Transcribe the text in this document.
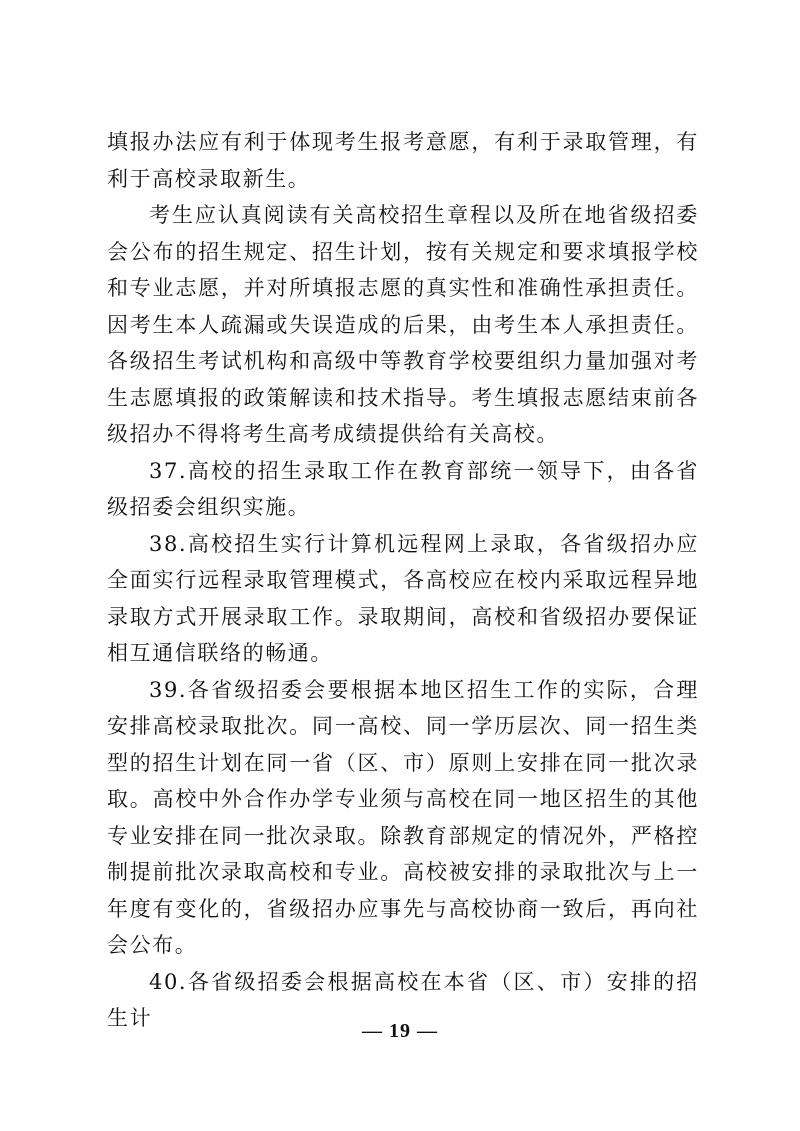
填报办法应有利于体现考生报考意愿，有利于录取管理，有利于高校录取新生。

考生应认真阅读有关高校招生章程以及所在地省级招委会公布的招生规定、招生计划，按有关规定和要求填报学校和专业志愿，并对所填报志愿的真实性和准确性承担责任。因考生本人疏漏或失误造成的后果，由考生本人承担责任。各级招生考试机构和高级中等教育学校要组织力量加强对考生志愿填报的政策解读和技术指导。考生填报志愿结束前各级招办不得将考生高考成绩提供给有关高校。

37.高校的招生录取工作在教育部统一领导下，由各省级招委会组织实施。

38.高校招生实行计算机远程网上录取，各省级招办应全面实行远程录取管理模式，各高校应在校内采取远程异地录取方式开展录取工作。录取期间，高校和省级招办要保证相互通信联络的畅通。

39.各省级招委会要根据本地区招生工作的实际，合理安排高校录取批次。同一高校、同一学历层次、同一招生类型的招生计划在同一省（区、市）原则上安排在同一批次录取。高校中外合作办学专业须与高校在同一地区招生的其他专业安排在同一批次录取。除教育部规定的情况外，严格控制提前批次录取高校和专业。高校被安排的录取批次与上一年度有变化的，省级招办应事先与高校协商一致后，再向社会公布。

40.各省级招委会根据高校在本省（区、市）安排的招生计

— 19 —
